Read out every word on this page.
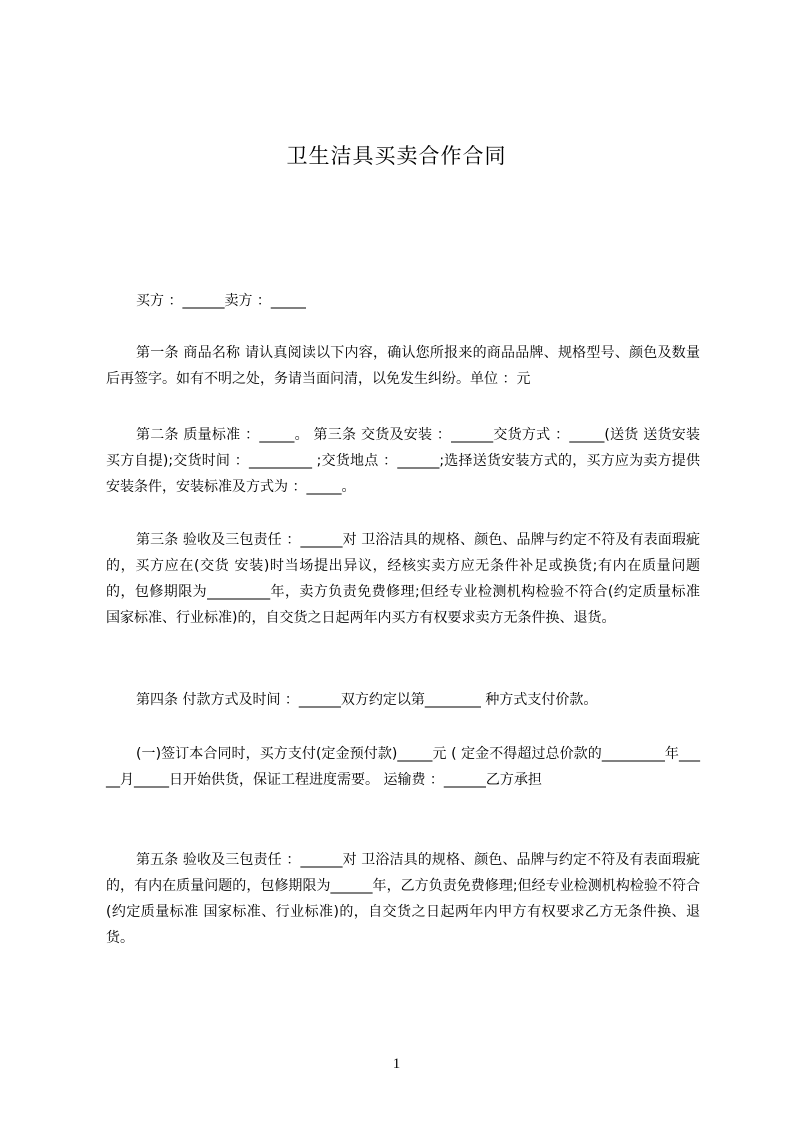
卫生洁具买卖合作合同
买方 ：______卖方 ：_____
第一条 商品名称 请认真阅读以下内容，确认您所报来的商品品牌、规格型号、颜色及数量后再签字。如有不明之处，务请当面问清，以免发生纠纷。单位 ：元
第二条 质量标准 ：_____。 第三条 交货及安装 ：______交货方式 ：_____(送货 送货安装 买方自提);交货时间 ：_________ ;交货地点 ：______;选择送货安装方式的，买方应为卖方提供安装条件，安装标准及方式为 ：_____。
第三条 验收及三包责任 ：______对 卫浴洁具的规格、颜色、品牌与约定不符及有表面瑕疵的，买方应在(交货 安装)时当场提出异议，经核实卖方应无条件补足或换货;有内在质量问题的，包修期限为_________年，卖方负责免费修理;但经专业检测机构检验不符合(约定质量标准 国家标准、行业标准)的，自交货之日起两年内买方有权要求卖方无条件换、退货。
第四条 付款方式及时间 ：______双方约定以第________ 种方式支付价款。
(一)签订本合同时，买方支付(定金预付款)_____元 ( 定金不得超过总价款的_________年_____月_____日开始供货，保证工程进度需要。 运输费 ：______乙方承担
第五条 验收及三包责任 ：______对 卫浴洁具的规格、颜色、品牌与约定不符及有表面瑕疵的，有内在质量问题的，包修期限为______年，乙方负责免费修理;但经专业检测机构检验不符合(约定质量标准 国家标准、行业标准)的，自交货之日起两年内甲方有权要求乙方无条件换、退货。
1
